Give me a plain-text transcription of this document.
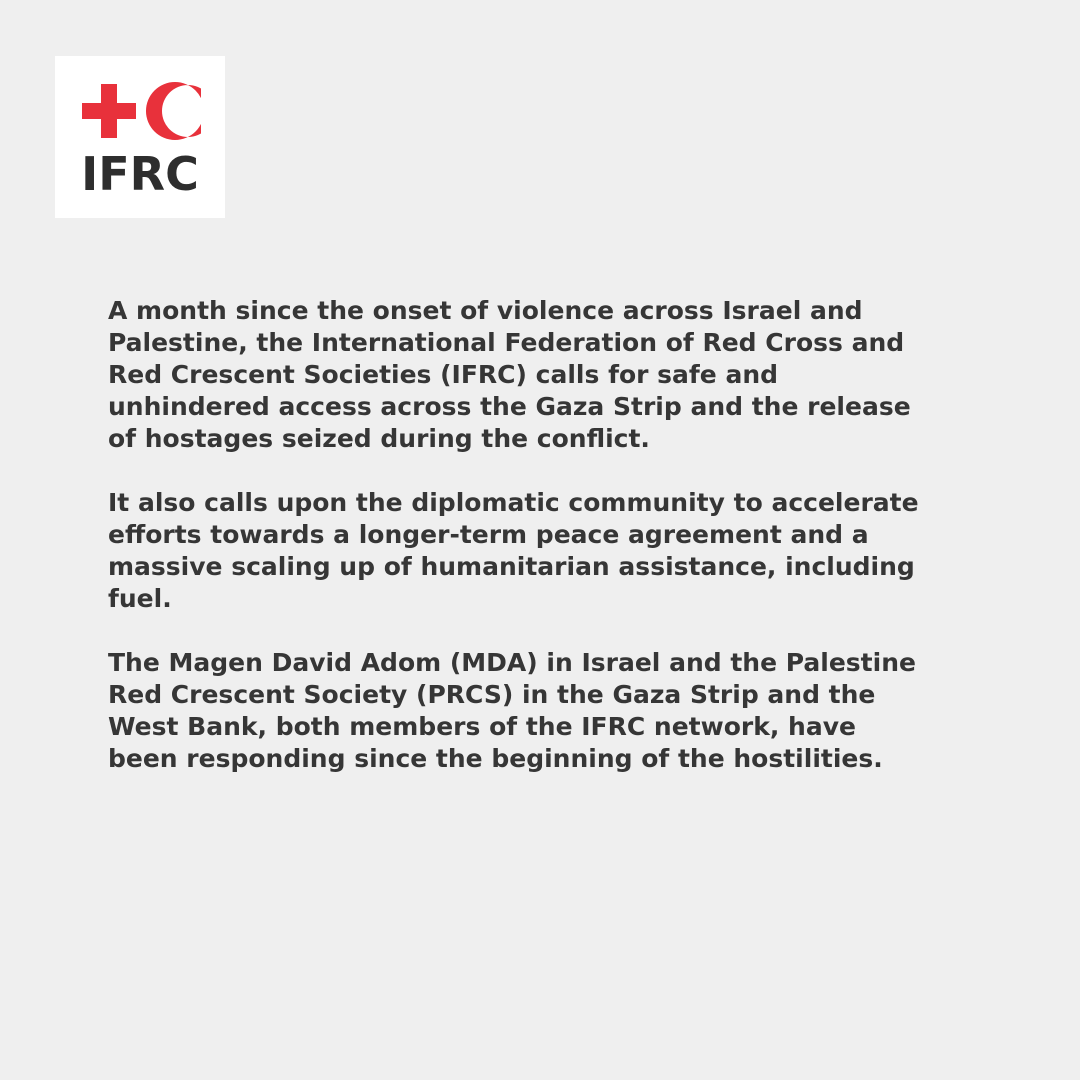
IFRC

A month since the onset of violence across Israel and
Palestine, the International Federation of Red Cross and
Red Crescent Societies (IFRC) calls for safe and
unhindered access across the Gaza Strip and the release
of hostages seized during the conflict.

It also calls upon the diplomatic community to accelerate
efforts towards a longer-term peace agreement and a
massive scaling up of humanitarian assistance, including
fuel.

The Magen David Adom (MDA) in Israel and the Palestine
Red Crescent Society (PRCS) in the Gaza Strip and the
West Bank, both members of the IFRC network, have
been responding since the beginning of the hostilities.
